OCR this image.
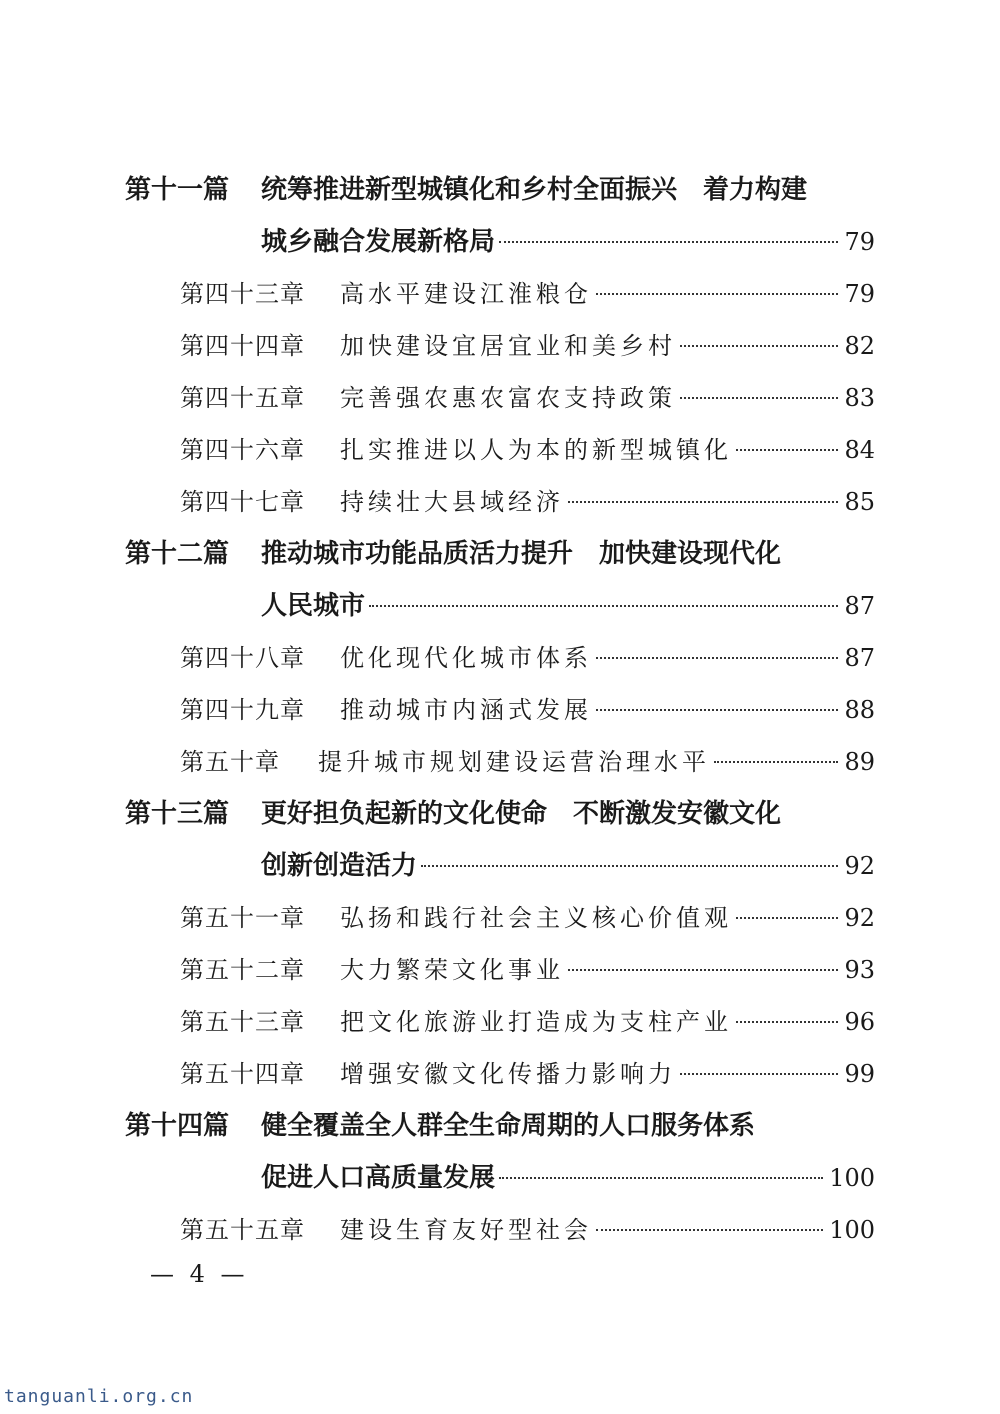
第十一篇 统筹推进新型城镇化和乡村全面振兴　着力构建
城乡融合发展新格局	79
第四十三章	高水平建设江淮粮仓	79
第四十四章	加快建设宜居宜业和美乡村	82
第四十五章	完善强农惠农富农支持政策	83
第四十六章	扎实推进以人为本的新型城镇化	84
第四十七章	持续壮大县域经济	85
第十二篇 推动城市功能品质活力提升　加快建设现代化
人民城市	87
第四十八章	优化现代化城市体系	87
第四十九章	推动城市内涵式发展	88
第五十章	提升城市规划建设运营治理水平	89
第十三篇 更好担负起新的文化使命　不断激发安徽文化
创新创造活力	92
第五十一章	弘扬和践行社会主义核心价值观	92
第五十二章	大力繁荣文化事业	93
第五十三章	把文化旅游业打造成为支柱产业	96
第五十四章	增强安徽文化传播力影响力	99
第十四篇 健全覆盖全人群全生命周期的人口服务体系
促进人口高质量发展	100
第五十五章	建设生育友好型社会	100
— 4 —
tanguanli.org.cn
